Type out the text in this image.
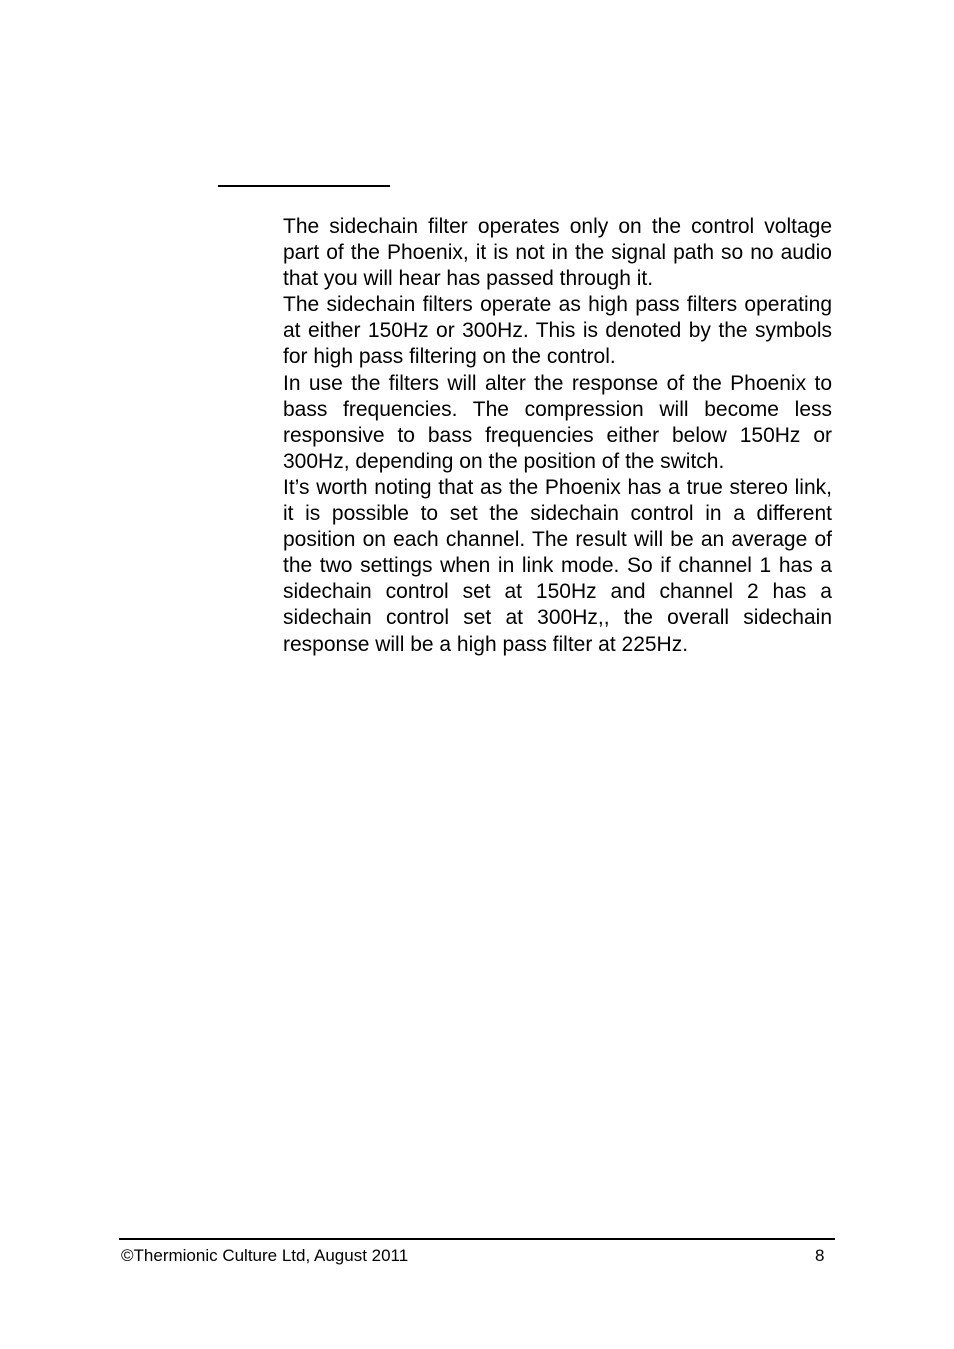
The sidechain filter operates only on the control voltage part of the Phoenix, it is not in the signal path so no audio that you will hear has passed through it.

The sidechain filters operate as high pass filters operating at either 150Hz or 300Hz. This is denoted by the symbols for high pass filtering on the control.

In use the filters will alter the response of the Phoenix to bass frequencies. The compression will become less responsive to bass frequencies either below 150Hz or 300Hz, depending on the position of the switch.

It’s worth noting that as the Phoenix has a true stereo link, it is possible to set the sidechain control in a different position on each channel. The result will be an average of the two settings when in link mode. So if channel 1 has a sidechain control set at 150Hz and channel 2 has a sidechain control set at 300Hz,, the overall sidechain response will be a high pass filter at 225Hz.

©Thermionic Culture Ltd, August 2011	8
